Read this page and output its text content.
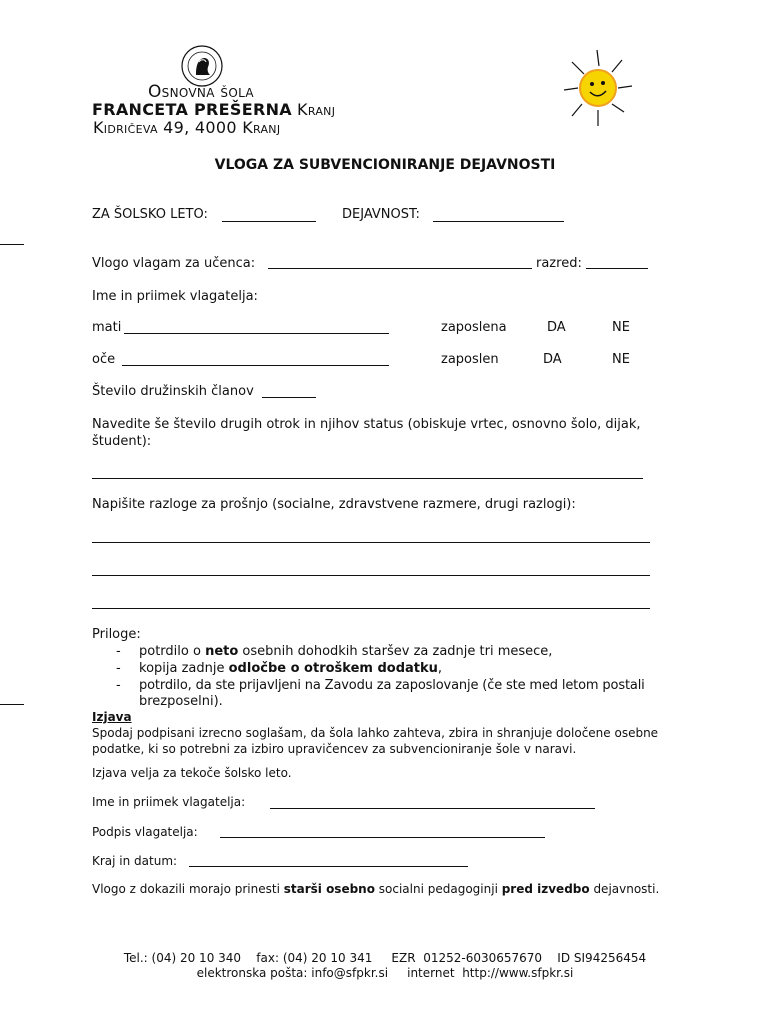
Osnovna šola
FRANCETA PREŠERNA Kranj
Kidričeva 49, 4000 Kranj
VLOGA ZA SUBVENCIONIRANJE DEJAVNOSTI
ZA ŠOLSKO LETO:	DEJAVNOST:
Vlogo vlagam za učenca:	razred:
Ime in priimek vlagatelja:
mati	zaposlena	DA	NE
oče	zaposlen	DA	NE
Število družinskih članov
Navedite še število drugih otrok in njihov status (obiskuje vrtec, osnovno šolo, dijak, študent):
Napišite razloge za prošnjo (socialne, zdravstvene razmere, drugi razlogi):
Priloge:
- potrdilo o neto osebnih dohodkih staršev za zadnje tri mesece,
- kopija zadnje odločbe o otroškem dodatku,
- potrdilo, da ste prijavljeni na Zavodu za zaposlovanje (če ste med letom postali
brezposelni).
Izjava
Spodaj podpisani izrecno soglašam, da šola lahko zahteva, zbira in shranjuje določene osebne
podatke, ki so potrebni za izbiro upravičencev za subvencioniranje šole v naravi.
Izjava velja za tekoče šolsko leto.
Ime in priimek vlagatelja:
Podpis vlagatelja:
Kraj in datum:
Vlogo z dokazili morajo prinesti starši osebno socialni pedagoginji pred izvedbo dejavnosti.
Tel.: (04) 20 10 340    fax: (04) 20 10 341     EZR  01252-6030657670    ID SI94256454
elektronska pošta: info@sfpkr.si     internet  http://www.sfpkr.si
